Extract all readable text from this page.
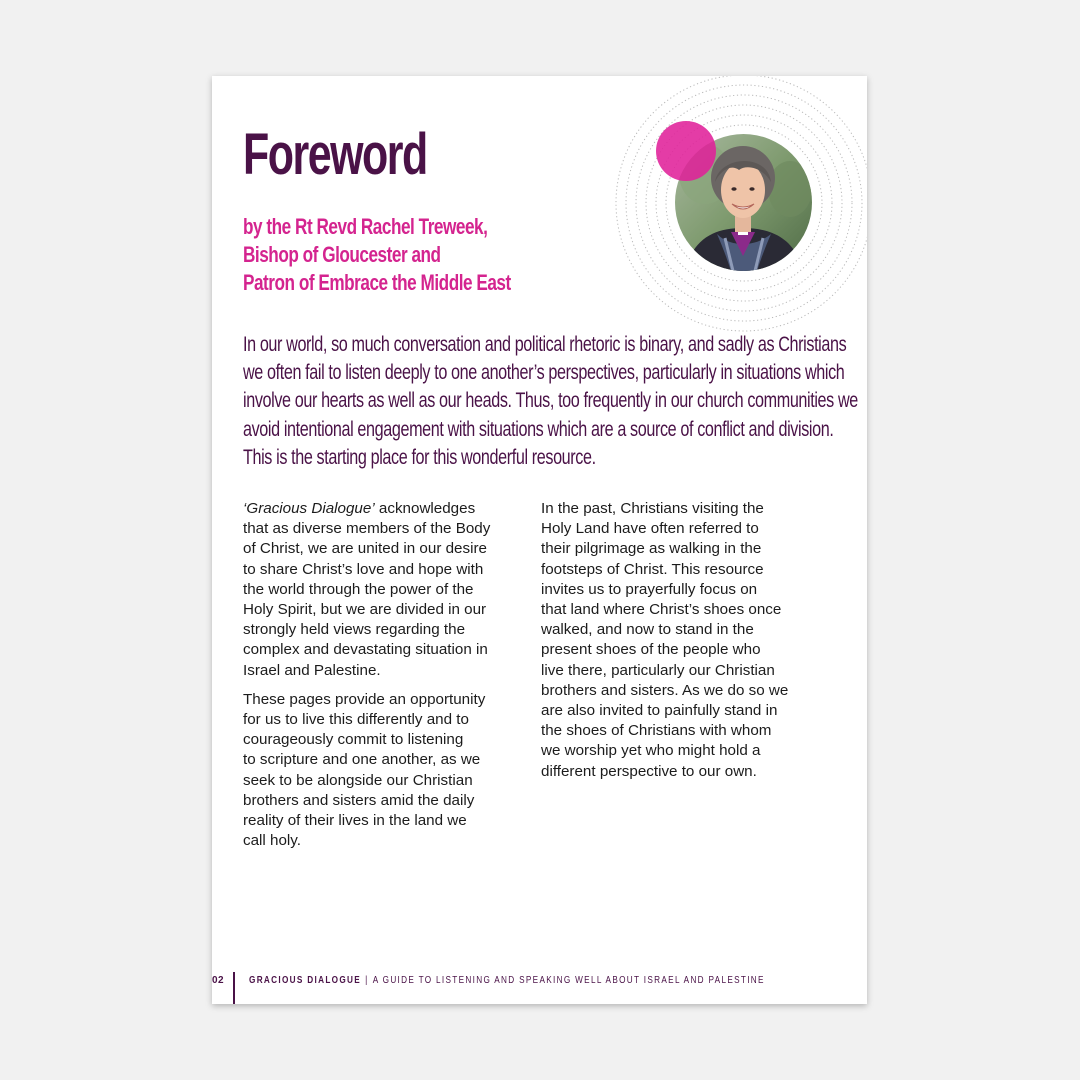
Foreword
by the Rt Revd Rachel Treweek,
Bishop of Gloucester and
Patron of Embrace the Middle East
In our world, so much conversation and political rhetoric is binary, and sadly as Christians
we often fail to listen deeply to one another’s perspectives, particularly in situations which
involve our hearts as well as our heads. Thus, too frequently in our church communities we
avoid intentional engagement with situations which are a source of conflict and division.
This is the starting place for this wonderful resource.
‘Gracious Dialogue’ acknowledges
that as diverse members of the Body
of Christ, we are united in our desire
to share Christ’s love and hope with
the world through the power of the
Holy Spirit, but we are divided in our
strongly held views regarding the
complex and devastating situation in
Israel and Palestine.
These pages provide an opportunity
for us to live this differently and to
courageously commit to listening
to scripture and one another, as we
seek to be alongside our Christian
brothers and sisters amid the daily
reality of their lives in the land we
call holy.
In the past, Christians visiting the
Holy Land have often referred to
their pilgrimage as walking in the
footsteps of Christ. This resource
invites us to prayerfully focus on
that land where Christ’s shoes once
walked, and now to stand in the
present shoes of the people who
live there, particularly our Christian
brothers and sisters. As we do so we
are also invited to painfully stand in
the shoes of Christians with whom
we worship yet who might hold a
different perspective to our own.
02 GRACIOUS DIALOGUE | A GUIDE TO LISTENING AND SPEAKING WELL ABOUT ISRAEL AND PALESTINE
